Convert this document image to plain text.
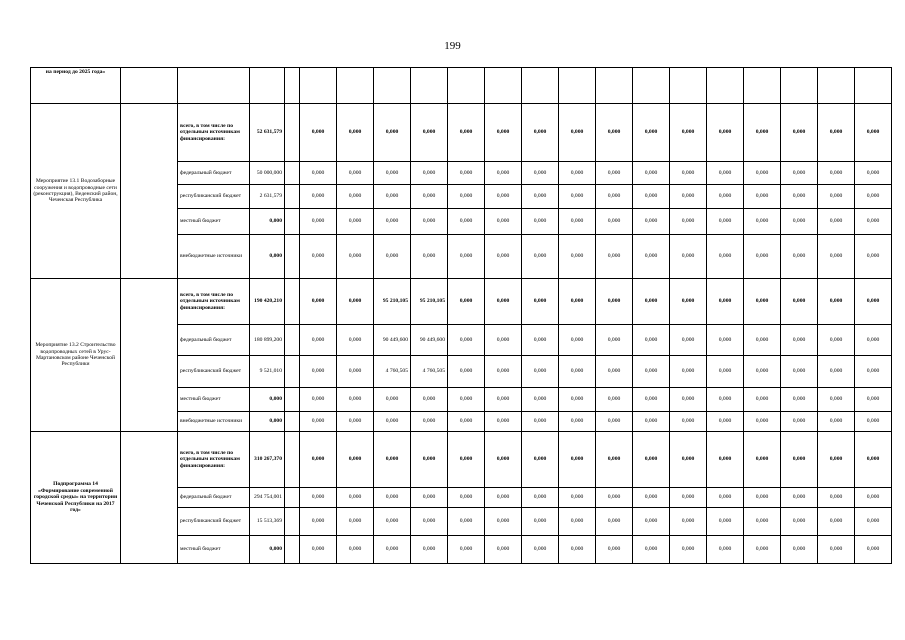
199
на период до 2025 года»																				
Мероприятие 13.1 Водозаборные сооружения и водопроводные сети (реконструкция), Веденский район, Чеченская Республика		всего, в том числе по отдельным источникам финансирования:	52 631,579		0,000	0,000	0,000	0,000	0,000	0,000	0,000	0,000	0,000	0,000	0,000	0,000	0,000	0,000	0,000	0,000
		федеральный бюджет	50 000,000		0,000	0,000	0,000	0,000	0,000	0,000	0,000	0,000	0,000	0,000	0,000	0,000	0,000	0,000	0,000	0,000
		республиканский бюджет	2 631,579		0,000	0,000	0,000	0,000	0,000	0,000	0,000	0,000	0,000	0,000	0,000	0,000	0,000	0,000	0,000	0,000
		местный бюджет	0,000		0,000	0,000	0,000	0,000	0,000	0,000	0,000	0,000	0,000	0,000	0,000	0,000	0,000	0,000	0,000	0,000
		внебюджетные источники	0,000		0,000	0,000	0,000	0,000	0,000	0,000	0,000	0,000	0,000	0,000	0,000	0,000	0,000	0,000	0,000	0,000
Мероприятие 13.2 Строительство водопроводных сетей в Урус-Мартановском районе Чеченской Республики		всего, в том числе по отдельным источникам финансирования:	190 420,210		0,000	0,000	95 210,105	95 210,105	0,000	0,000	0,000	0,000	0,000	0,000	0,000	0,000	0,000	0,000	0,000	0,000
		федеральный бюджет	180 899,200		0,000	0,000	90 449,600	90 449,600	0,000	0,000	0,000	0,000	0,000	0,000	0,000	0,000	0,000	0,000	0,000	0,000
		республиканский бюджет	9 521,010		0,000	0,000	4 760,505	4 760,505	0,000	0,000	0,000	0,000	0,000	0,000	0,000	0,000	0,000	0,000	0,000	0,000
		местный бюджет	0,000		0,000	0,000	0,000	0,000	0,000	0,000	0,000	0,000	0,000	0,000	0,000	0,000	0,000	0,000	0,000	0,000
		внебюджетные источники	0,000		0,000	0,000	0,000	0,000	0,000	0,000	0,000	0,000	0,000	0,000	0,000	0,000	0,000	0,000	0,000	0,000
Подпрограмма 14 «Формирование современной городской среды» на территории Чеченской Республики на 2017 год»		всего, в том числе по отдельным источникам финансирования:	310 267,370		0,000	0,000	0,000	0,000	0,000	0,000	0,000	0,000	0,000	0,000	0,000	0,000	0,000	0,000	0,000	0,000
		федеральный бюджет	294 754,001		0,000	0,000	0,000	0,000	0,000	0,000	0,000	0,000	0,000	0,000	0,000	0,000	0,000	0,000	0,000	0,000
		республиканский бюджет	15 513,369		0,000	0,000	0,000	0,000	0,000	0,000	0,000	0,000	0,000	0,000	0,000	0,000	0,000	0,000	0,000	0,000
		местный бюджет	0,000		0,000	0,000	0,000	0,000	0,000	0,000	0,000	0,000	0,000	0,000	0,000	0,000	0,000	0,000	0,000	0,000
